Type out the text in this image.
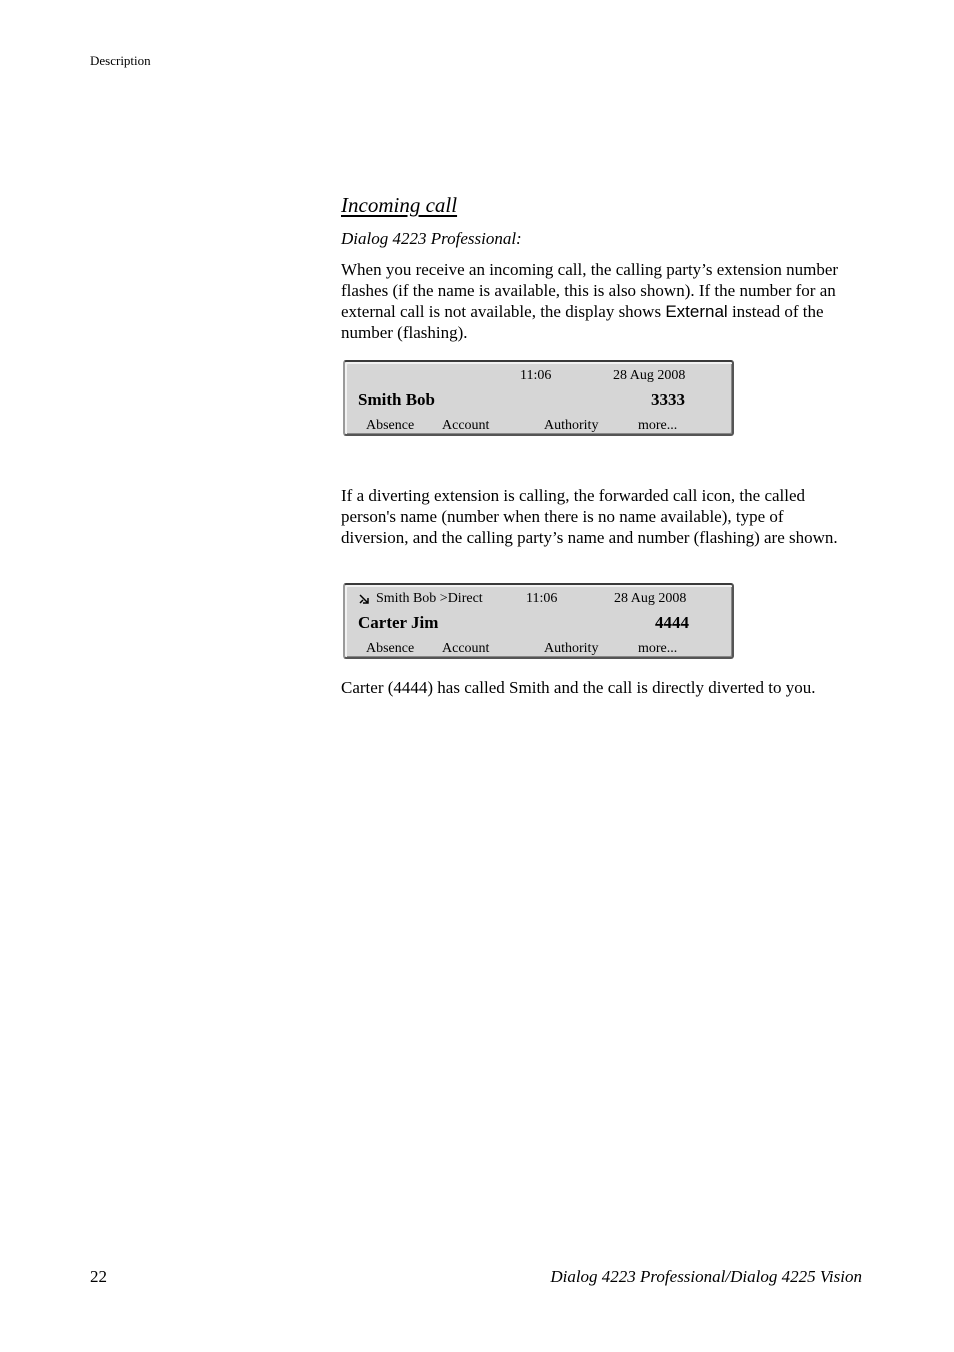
Description
Incoming call
Dialog 4223 Professional:
When you receive an incoming call, the calling party’s extension number flashes (if the name is available, this is also shown). If the number for an external call is not available, the display shows External instead of the number (flashing).
11:06	28 Aug 2008
Smith Bob	3333
Absence Account	Authority	more...
If a diverting extension is calling, the forwarded call icon, the called person's name (number when there is no name available), type of diversion, and the calling party’s name and number (flashing) are shown.
Smith Bob >Direct	11:06	28 Aug 2008
Carter Jim	4444
Absence Account	Authority	more...
Carter (4444) has called Smith and the call is directly diverted to you.
22	Dialog 4223 Professional/Dialog 4225 Vision
